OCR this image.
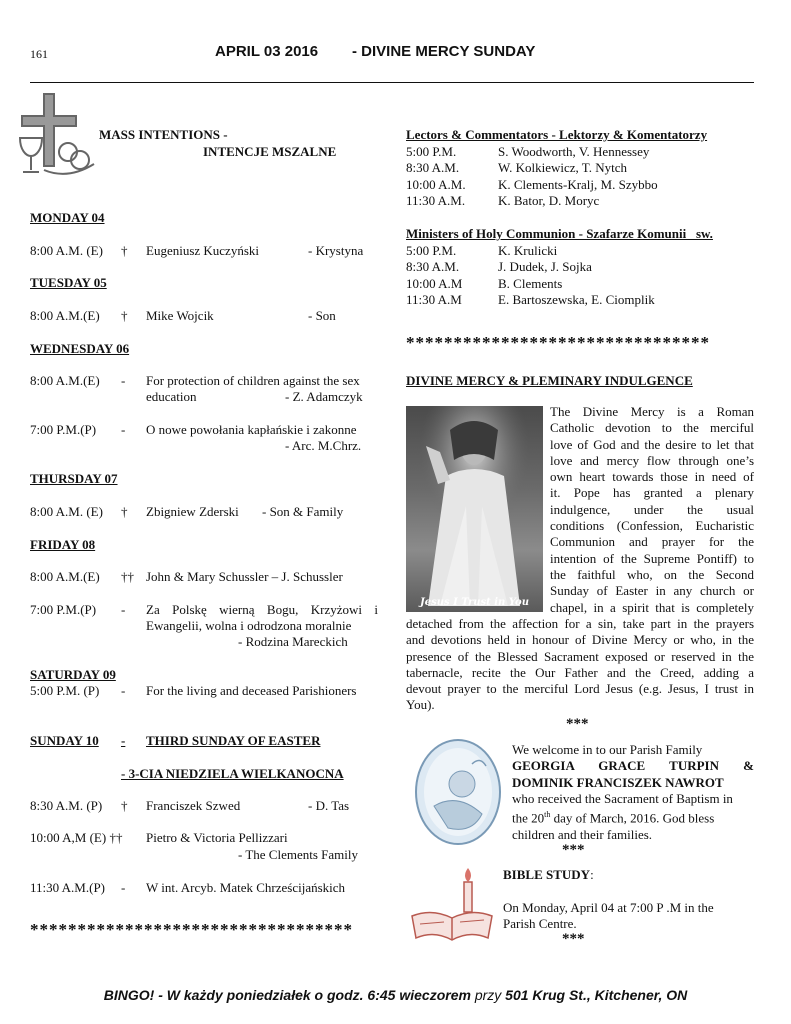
161	APRIL 03 2016 - DIVINE MERCY SUNDAY
MASS INTENTIONS -
INTENCJE MSZALNE
MONDAY 04
8:00 A.M. (E) † Eugeniusz Kuczyński	- Krystyna
TUESDAY 05
8:00 A.M.(E) † Mike Wojcik	- Son
WEDNESDAY 06
8:00 A.M.(E) - For protection of children against the sex
education	- Z. Adamczyk
7:00 P.M.(P) - O nowe powołania kapłańskie i zakonne
- Arc. M.Chrz.
THURSDAY 07
8:00 A.M. (E) † Zbigniew Zderski - Son & Family
FRIDAY 08
8:00 A.M.(E) †† John & Mary Schussler – J. Schussler
7:00 P.M.(P) - Za Polskę wierną Bogu, Krzyżowi i
Ewangelii, wolna i odrodzona moralnie
- Rodzina Mareckich
SATURDAY 09
5:00 P.M. (P) - For the living and deceased Parishioners
SUNDAY 10 - THIRD SUNDAY OF EASTER
- 3-CIA NIEDZIELA WIELKANOCNA
8:30 A.M. (P) † Franciszek Szwed	- D. Tas
10:00 A,M (E) †† Pietro & Victoria Pellizzari
- The Clements Family
11:30 A.M.(P) - W int. Arcyb. Matek Chrześcijańskich
**********************************
Lectors & Commentators - Lektorzy & Komentatorzy
5:00 P.M.	S. Woodworth, V. Hennessey
8:30 A.M.	W. Kolkiewicz, T. Nytch
10:00 A.M. K. Clements-Kralj, M. Szybbo
11:30 A.M.	K. Bator, D. Moryc
Ministers of Holy Communion - Szafarze Komunii _sw.
5:00 P.M.	K. Krulicki
8:30 A.M.	J. Dudek, J. Sojka
10:00 A.M	B. Clements
11:30 A.M	E. Bartoszewska, E. Ciomplik
********************************
DIVINE MERCY & PLEMINARY INDULGENCE
Jesus I Trust in You
The Divine Mercy is a Roman
Catholic devotion to the merciful
love of God and the desire to let that
love and mercy flow through one’s
own heart towards those in need of
it. Pope has granted a plenary
indulgence, under the usual
conditions (Confession, Eucharistic
Communion and prayer for the
intention of the Supreme Pontiff) to
the faithful who, on the Second
Sunday of Easter in any church or
chapel, in a spirit that is completely
detached from the affection for a sin, take part in the prayers
and devotions held in honour of Divine Mercy or who, in the
presence of the Blessed Sacrament exposed or reserved in the
tabernacle, recite the Our Father and the Creed, adding a
devout prayer to the merciful Lord Jesus (e.g. Jesus, I trust in
You).
***
We welcome in to our Parish Family
GEORGIA GRACE TURPIN &
DOMINIK FRANCISZEK NAWROT
who received the Sacrament of Baptism in
the 20th day of March, 2016. God bless
children and their families.
***
BIBLE STUDY:
On Monday, April 04 at 7:00 P .M in the
Parish Centre.
***
BINGO! - W każdy poniedziałek o godz. 6:45 wieczorem przy 501 Krug St., Kitchener, ON
